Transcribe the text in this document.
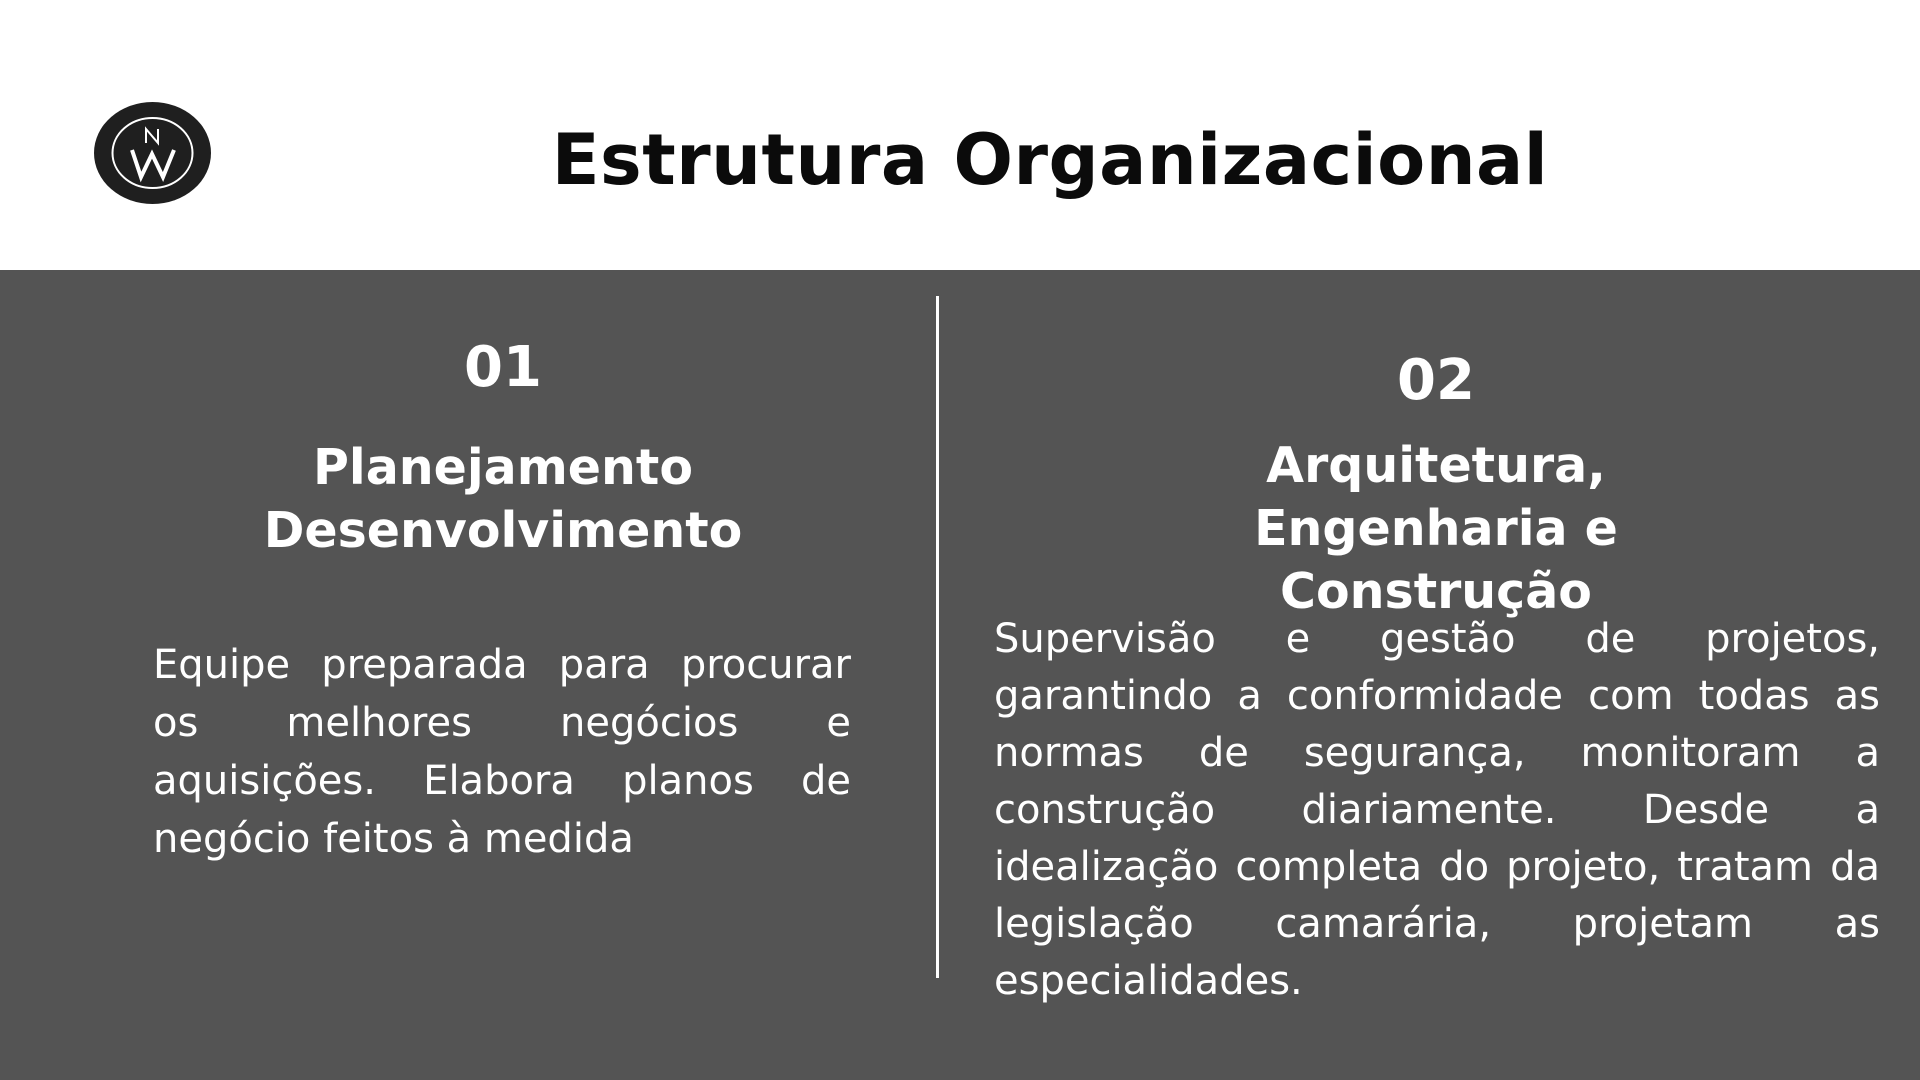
Estrutura Organizacional
01
Planejamento
Desenvolvimento
Equipe preparada para procurar os melhores negócios e aquisições. Elabora planos de negócio feitos à medida
02
Arquitetura,
Engenharia e
Construção
Supervisão e gestão de projetos, garantindo a conformidade com todas as normas de segurança, monitoram a construção diariamente. Desde a idealização completa do projeto, tratam da legislação camarária, projetam as especialidades.
